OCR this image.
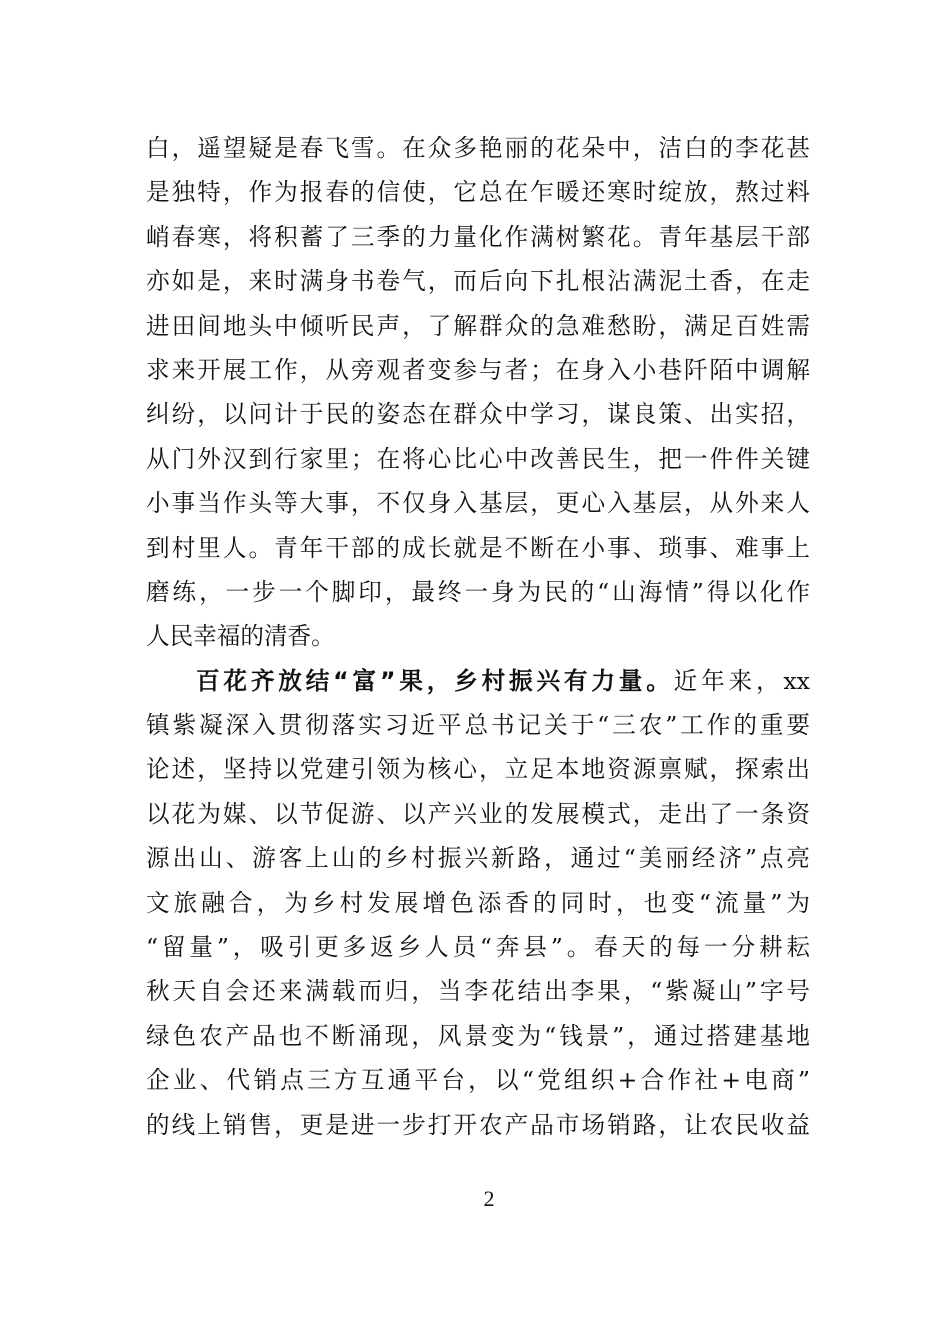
白，遥望疑是春飞雪。在众多艳丽的花朵中，洁白的李花甚
是独特，作为报春的信使，它总在乍暖还寒时绽放，熬过料
峭春寒，将积蓄了三季的力量化作满树繁花。青年基层干部
亦如是，来时满身书卷气，而后向下扎根沾满泥土香，在走
进田间地头中倾听民声，了解群众的急难愁盼，满足百姓需
求来开展工作，从旁观者变参与者；在身入小巷阡陌中调解
纠纷，以问计于民的姿态在群众中学习，谋良策、出实招，
从门外汉到行家里；在将心比心中改善民生，把一件件关键
小事当作头等大事，不仅身入基层，更心入基层，从外来人
到村里人。青年干部的成长就是不断在小事、琐事、难事上
磨练，一步一个脚印，最终一身为民的“山海情”得以化作
人民幸福的清香。
百花齐放结“富”果，乡村振兴有力量。近年来，xx
镇紫凝深入贯彻落实习近平总书记关于“三农”工作的重要
论述，坚持以党建引领为核心，立足本地资源禀赋，探索出
以花为媒、以节促游、以产兴业的发展模式，走出了一条资
源出山、游客上山的乡村振兴新路，通过“美丽经济”点亮
文旅融合，为乡村发展增色添香的同时，也变“流量”为
“留量”，吸引更多返乡人员“奔县”。春天的每一分耕耘
秋天自会还来满载而归，当李花结出李果，“紫凝山”字号
绿色农产品也不断涌现，风景变为“钱景”，通过搭建基地
企业、代销点三方互通平台，以“党组织+合作社+电商”
的线上销售，更是进一步打开农产品市场销路，让农民收益
2
